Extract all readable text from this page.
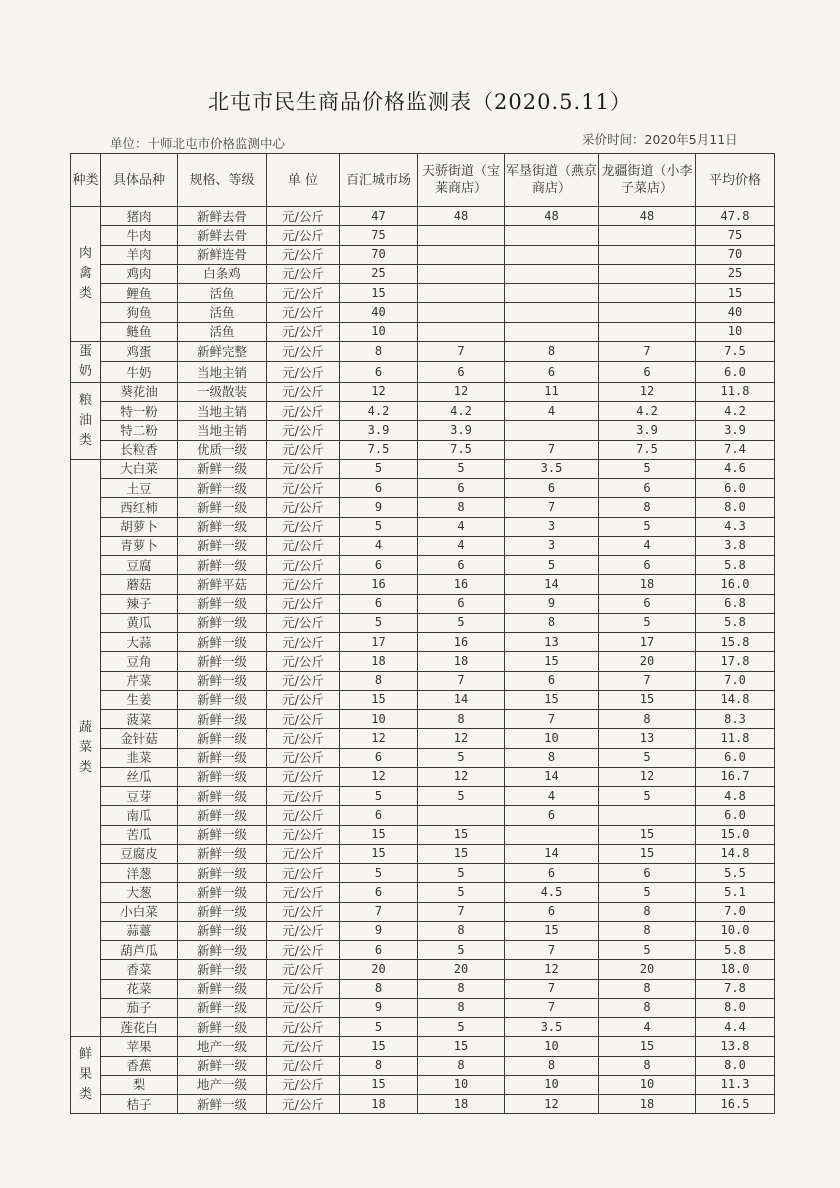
北屯市民生商品价格监测表（2020.5.11）
单位：十师北屯市价格监测中心	采价时间：2020年5月11日
种类	具体品种	规格、等级	单 位	百汇城市场	天骄街道（宝莱商店）	军垦街道（燕京商店）	龙疆街道（小李子菜店）	平均价格

肉禽类	猪肉	新鲜去骨	元/公斤	47	48	48	48	47.8
	牛肉	新鲜去骨	元/公斤	75				75
	羊肉	新鲜连骨	元/公斤	70				70
	鸡肉	白条鸡	元/公斤	25				25
	鲤鱼	活鱼	元/公斤	15				15
	狗鱼	活鱼	元/公斤	40				40
	鲢鱼	活鱼	元/公斤	10				10

蛋奶	鸡蛋	新鲜完整	元/公斤	8	7	8	7	7.5
	牛奶	当地主销	元/公斤	6	6	6	6	6.0

粮油类	葵花油	一级散装	元/公斤	12	12	11	12	11.8
	特一粉	当地主销	元/公斤	4.2	4.2	4	4.2	4.2
	特二粉	当地主销	元/公斤	3.9	3.9		3.9	3.9
	长粒香	优质一级	元/公斤	7.5	7.5	7	7.5	7.4

蔬菜类	大白菜	新鲜一级	元/公斤	5	5	3.5	5	4.6
	土豆	新鲜一级	元/公斤	6	6	6	6	6.0
	西红柿	新鲜一级	元/公斤	9	8	7	8	8.0
	胡萝卜	新鲜一级	元/公斤	5	4	3	5	4.3
	青萝卜	新鲜一级	元/公斤	4	4	3	4	3.8
	豆腐	新鲜一级	元/公斤	6	6	5	6	5.8
	蘑菇	新鲜平菇	元/公斤	16	16	14	18	16.0
	辣子	新鲜一级	元/公斤	6	6	9	6	6.8
	黄瓜	新鲜一级	元/公斤	5	5	8	5	5.8
	大蒜	新鲜一级	元/公斤	17	16	13	17	15.8
	豆角	新鲜一级	元/公斤	18	18	15	20	17.8
	芹菜	新鲜一级	元/公斤	8	7	6	7	7.0
	生姜	新鲜一级	元/公斤	15	14	15	15	14.8
	菠菜	新鲜一级	元/公斤	10	8	7	8	8.3
	金针菇	新鲜一级	元/公斤	12	12	10	13	11.8
	韭菜	新鲜一级	元/公斤	6	5	8	5	6.0
	丝瓜	新鲜一级	元/公斤	12	12	14	12	16.7
	豆芽	新鲜一级	元/公斤	5	5	4	5	4.8
	南瓜	新鲜一级	元/公斤	6		6		6.0
	苦瓜	新鲜一级	元/公斤	15	15		15	15.0
	豆腐皮	新鲜一级	元/公斤	15	15	14	15	14.8
	洋葱	新鲜一级	元/公斤	5	5	6	6	5.5
	大葱	新鲜一级	元/公斤	6	5	4.5	5	5.1
	小白菜	新鲜一级	元/公斤	7	7	6	8	7.0
	蒜薹	新鲜一级	元/公斤	9	8	15	8	10.0
	葫芦瓜	新鲜一级	元/公斤	6	5	7	5	5.8
	香菜	新鲜一级	元/公斤	20	20	12	20	18.0
	花菜	新鲜一级	元/公斤	8	8	7	8	7.8
	茄子	新鲜一级	元/公斤	9	8	7	8	8.0
	莲花白	新鲜一级	元/公斤	5	5	3.5	4	4.4

鲜果类	苹果	地产一级	元/公斤	15	15	10	15	13.8
	香蕉	新鲜一级	元/公斤	8	8	8	8	8.0
	梨	地产一级	元/公斤	15	10	10	10	11.3
	桔子	新鲜一级	元/公斤	18	18	12	18	16.5
